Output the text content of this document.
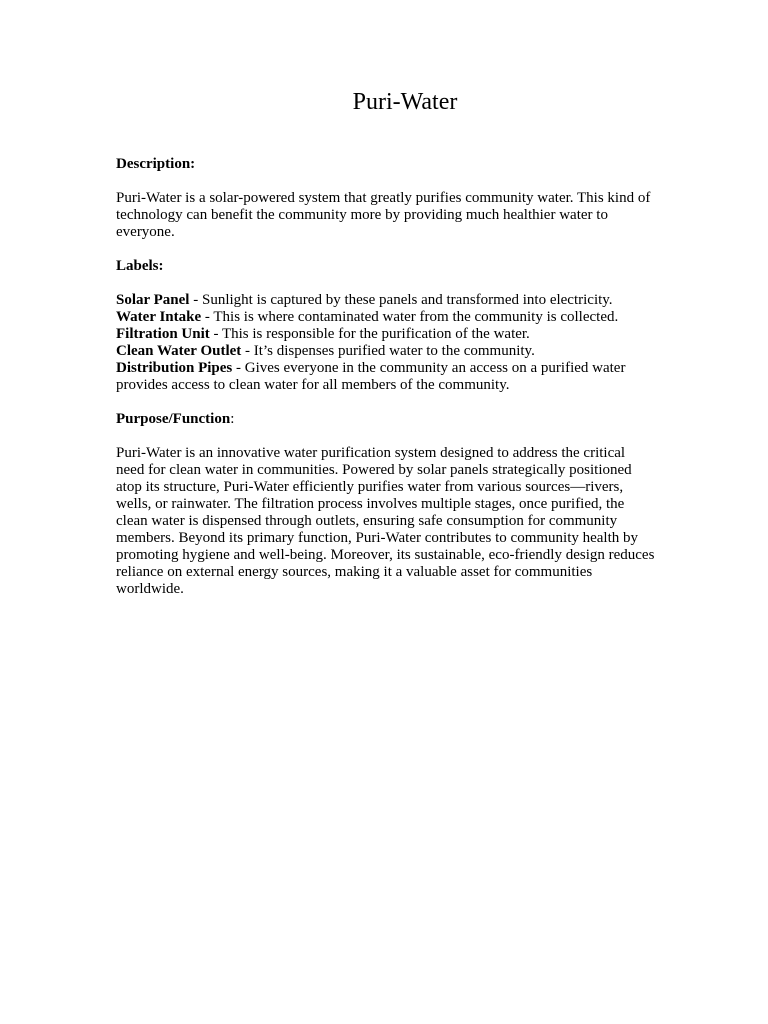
Puri-Water

Description:

Puri-Water is a solar-powered system that greatly purifies community water. This kind of technology can benefit the community more by providing much healthier water to everyone.

Labels:

Solar Panel - Sunlight is captured by these panels and transformed into electricity.

Water Intake - This is where contaminated water from the community is collected.

Filtration Unit - This is responsible for the purification of the water.

Clean Water Outlet - It’s dispenses purified water to the community.

Distribution Pipes - Gives everyone in the community an access on a purified water provides access to clean water for all members of the community.

Purpose/Function:

Puri-Water is an innovative water purification system designed to address the critical need for clean water in communities. Powered by solar panels strategically positioned atop its structure, Puri-Water efficiently purifies water from various sources—rivers, wells, or rainwater. The filtration process involves multiple stages, once purified, the clean water is dispensed through outlets, ensuring safe consumption for community members. Beyond its primary function, Puri-Water contributes to community health by promoting hygiene and well-being. Moreover, its sustainable, eco-friendly design reduces reliance on external energy sources, making it a valuable asset for communities worldwide.
